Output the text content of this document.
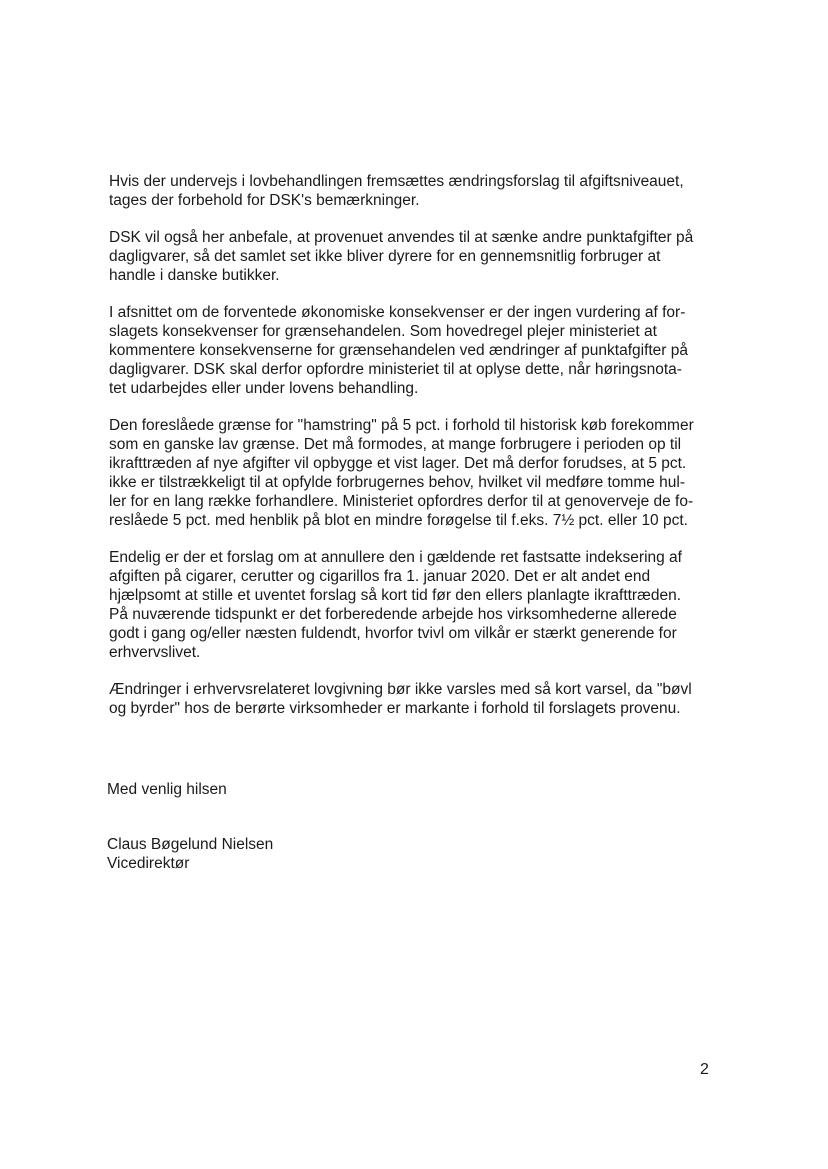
Hvis der undervejs i lovbehandlingen fremsættes ændringsforslag til afgiftsniveauet,
tages der forbehold for DSK's bemærkninger.

DSK vil også her anbefale, at provenuet anvendes til at sænke andre punktafgifter på
dagligvarer, så det samlet set ikke bliver dyrere for en gennemsnitlig forbruger at
handle i danske butikker.

I afsnittet om de forventede økonomiske konsekvenser er der ingen vurdering af for-
slagets konsekvenser for grænsehandelen. Som hovedregel plejer ministeriet at
kommentere konsekvenserne for grænsehandelen ved ændringer af punktafgifter på
dagligvarer. DSK skal derfor opfordre ministeriet til at oplyse dette, når høringsnota-
tet udarbejdes eller under lovens behandling.

Den foreslåede grænse for "hamstring" på 5 pct. i forhold til historisk køb forekommer
som en ganske lav grænse. Det må formodes, at mange forbrugere i perioden op til
ikrafttræden af nye afgifter vil opbygge et vist lager. Det må derfor forudses, at 5 pct.
ikke er tilstrækkeligt til at opfylde forbrugernes behov, hvilket vil medføre tomme hul-
ler for en lang række forhandlere. Ministeriet opfordres derfor til at genoverveje de fo-
reslåede 5 pct. med henblik på blot en mindre forøgelse til f.eks. 7½ pct. eller 10 pct.

Endelig er der et forslag om at annullere den i gældende ret fastsatte indeksering af
afgiften på cigarer, cerutter og cigarillos fra 1. januar 2020. Det er alt andet end
hjælpsomt at stille et uventet forslag så kort tid før den ellers planlagte ikrafttræden.
På nuværende tidspunkt er det forberedende arbejde hos virksomhederne allerede
godt i gang og/eller næsten fuldendt, hvorfor tvivl om vilkår er stærkt generende for
erhvervslivet.

Ændringer i erhvervsrelateret lovgivning bør ikke varsles med så kort varsel, da "bøvl
og byrder" hos de berørte virksomheder er markante i forhold til forslagets provenu.

Med venlig hilsen

Claus Bøgelund Nielsen
Vicedirektør
2
